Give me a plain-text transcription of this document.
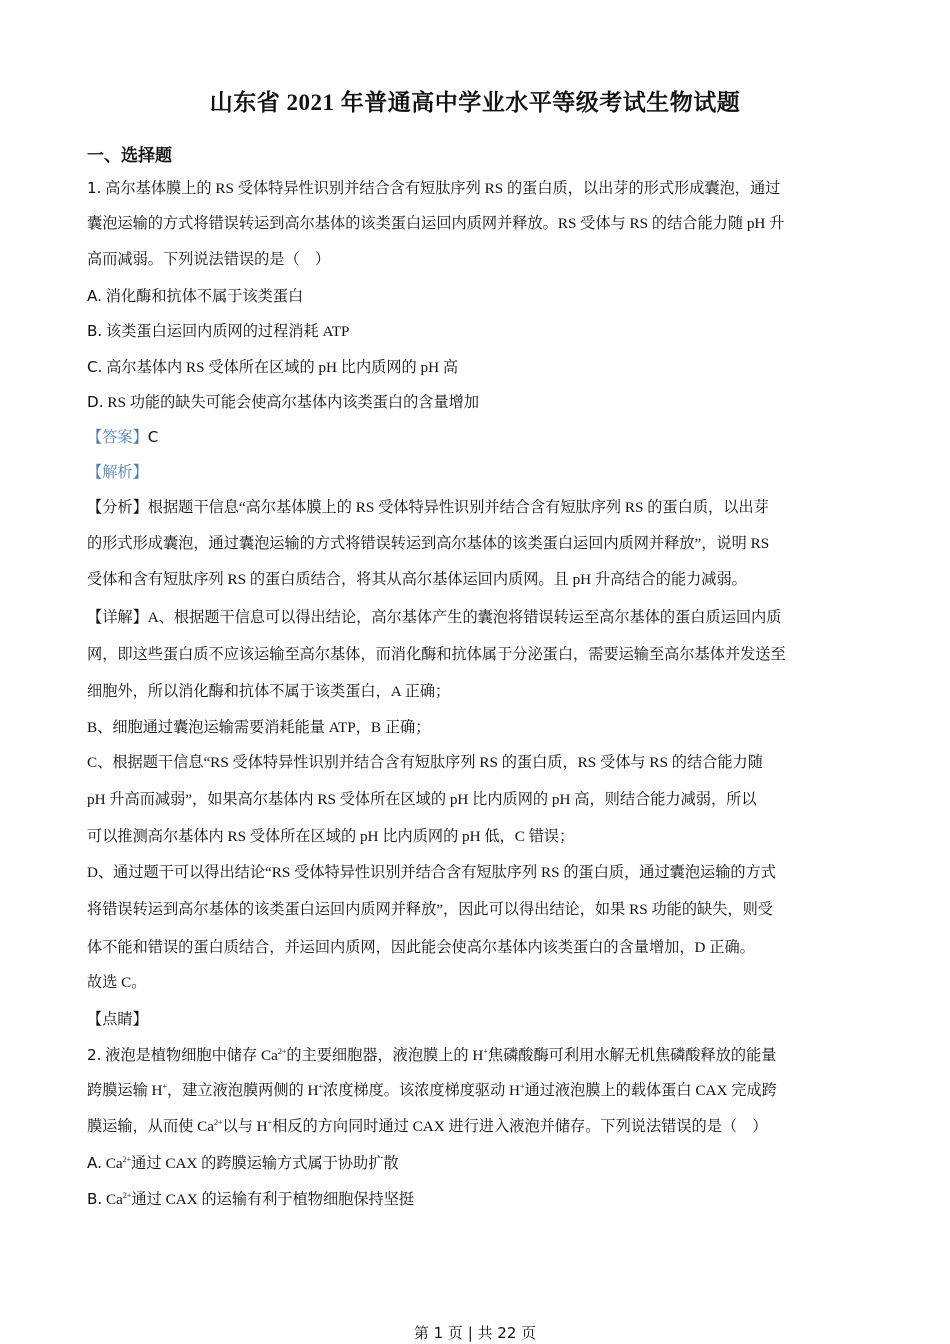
山东省 2021 年普通高中学业水平等级考试生物试题
一、选择题
1. 高尔基体膜上的 RS 受体特异性识别并结合含有短肽序列 RS 的蛋白质，以出芽的形式形成囊泡，通过
囊泡运输的方式将错误转运到高尔基体的该类蛋白运回内质网并释放。RS 受体与 RS 的结合能力随 pH 升
高而减弱。下列说法错误的是（　）
A. 消化酶和抗体不属于该类蛋白
B. 该类蛋白运回内质网的过程消耗 ATP
C. 高尔基体内 RS 受体所在区域的 pH 比内质网的 pH 高
D. RS 功能的缺失可能会使高尔基体内该类蛋白的含量增加
【答案】C
【解析】
【分析】根据题干信息“高尔基体膜上的 RS 受体特异性识别并结合含有短肽序列 RS 的蛋白质，以出芽
的形式形成囊泡，通过囊泡运输的方式将错误转运到高尔基体的该类蛋白运回内质网并释放”，说明 RS
受体和含有短肽序列 RS 的蛋白质结合，将其从高尔基体运回内质网。且 pH 升高结合的能力减弱。
【详解】A、根据题干信息可以得出结论，高尔基体产生的囊泡将错误转运至高尔基体的蛋白质运回内质
网，即这些蛋白质不应该运输至高尔基体，而消化酶和抗体属于分泌蛋白，需要运输至高尔基体并发送至
细胞外，所以消化酶和抗体不属于该类蛋白，A 正确；
B、细胞通过囊泡运输需要消耗能量 ATP，B 正确；
C、根据题干信息“RS 受体特异性识别并结合含有短肽序列 RS 的蛋白质，RS 受体与 RS 的结合能力随
pH 升高而减弱”，如果高尔基体内 RS 受体所在区域的 pH 比内质网的 pH 高，则结合能力减弱，所以
可以推测高尔基体内 RS 受体所在区域的 pH 比内质网的 pH 低，C 错误；
D、通过题干可以得出结论“RS 受体特异性识别并结合含有短肽序列 RS 的蛋白质，通过囊泡运输的方式
将错误转运到高尔基体的该类蛋白运回内质网并释放”，因此可以得出结论，如果 RS 功能的缺失，则受
体不能和错误的蛋白质结合，并运回内质网，因此能会使高尔基体内该类蛋白的含量增加，D 正确。
故选 C。
【点睛】
2. 液泡是植物细胞中储存 $Ca^{2+}$的主要细胞器，液泡膜上的 H+焦磷酸酶可利用水解无机焦磷酸释放的能量
跨膜运输 H+，建立液泡膜两侧的 H+浓度梯度。该浓度梯度驱动 H+通过液泡膜上的载体蛋白 CAX 完成跨
膜运输，从而使 $Ca^{2+}$以与 H+相反的方向同时通过 CAX 进行进入液泡并储存。下列说法错误的是（　）
A. $Ca^{2+}$通过 CAX 的跨膜运输方式属于协助扩散
B. $Ca^{2+}$通过 CAX 的运输有利于植物细胞保持坚挺
第 1 页 | 共 22 页
